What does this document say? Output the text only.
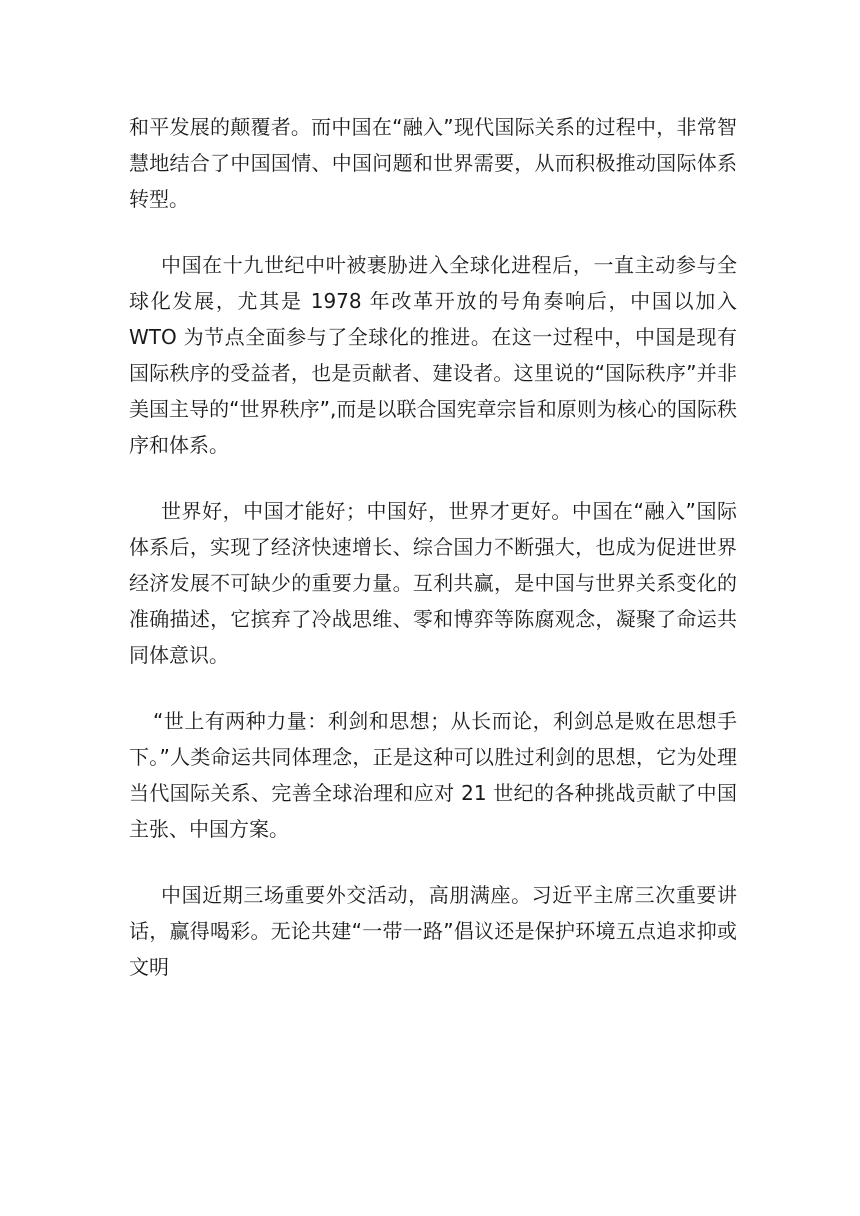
和平发展的颠覆者。而中国在“融入”现代国际关系的过程中，非常智慧地结合了中国国情、中国问题和世界需要，从而积极推动国际体系转型。

中国在十九世纪中叶被裹胁进入全球化进程后，一直主动参与全球化发展，尤其是 1978 年改革开放的号角奏响后，中国以加入 WTO 为节点全面参与了全球化的推进。在这一过程中，中国是现有国际秩序的受益者，也是贡献者、建设者。这里说的“国际秩序”并非美国主导的“世界秩序”,而是以联合国宪章宗旨和原则为核心的国际秩序和体系。

世界好，中国才能好；中国好，世界才更好。中国在“融入”国际体系后，实现了经济快速增长、综合国力不断强大，也成为促进世界经济发展不可缺少的重要力量。互利共赢，是中国与世界关系变化的准确描述，它摈弃了冷战思维、零和博弈等陈腐观念，凝聚了命运共同体意识。

“世上有两种力量：利剑和思想；从长而论，利剑总是败在思想手下。”人类命运共同体理念，正是这种可以胜过利剑的思想，它为处理当代国际关系、完善全球治理和应对 21 世纪的各种挑战贡献了中国主张、中国方案。

中国近期三场重要外交活动，高朋满座。习近平主席三次重要讲话，赢得喝彩。无论共建“一带一路”倡议还是保护环境五点追求抑或文明
